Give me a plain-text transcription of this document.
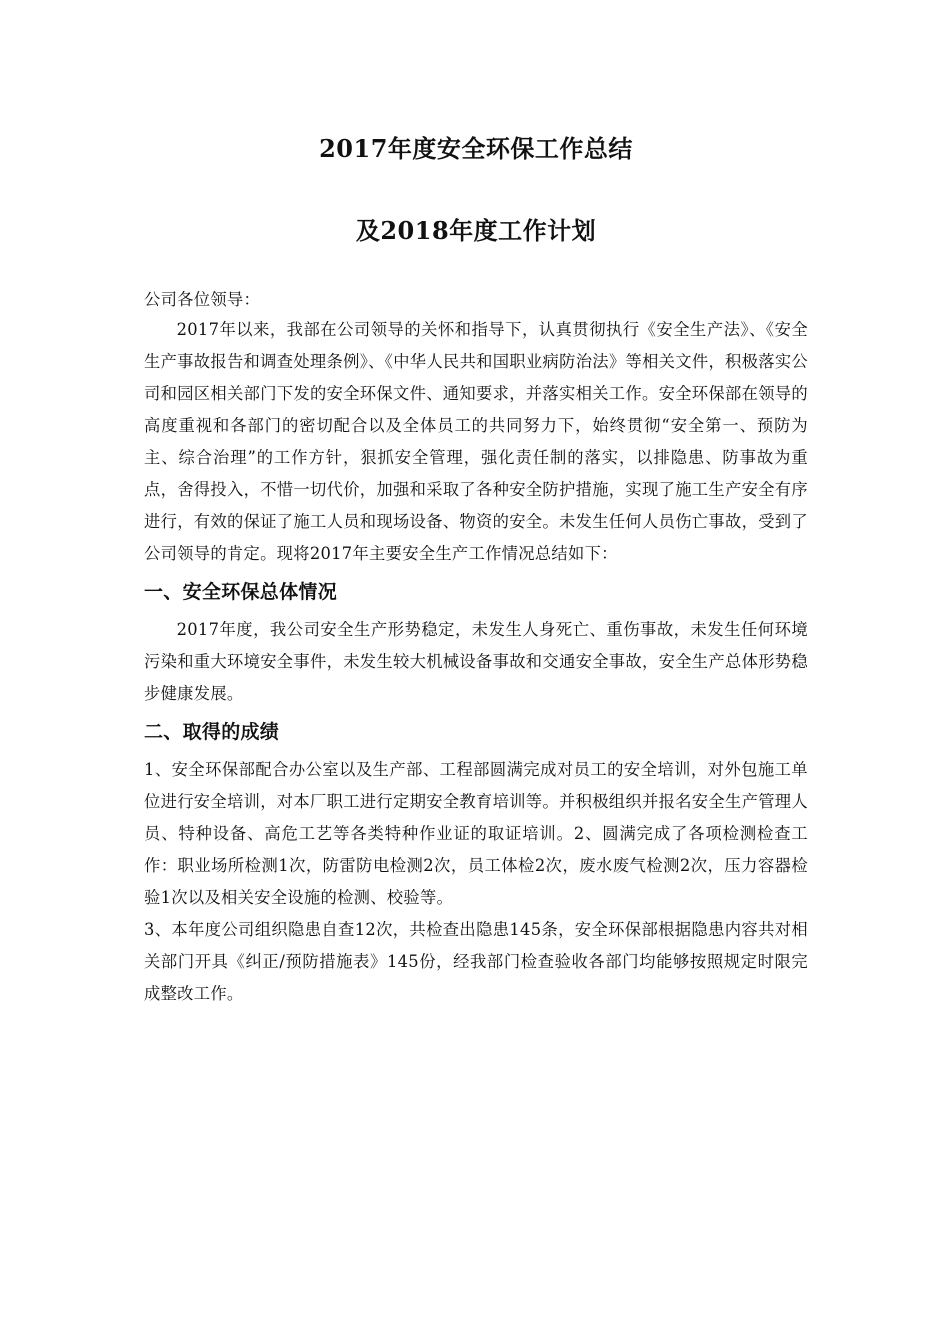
2017年度安全环保工作总结
及2018年度工作计划

公司各位领导：

2017年以来，我部在公司领导的关怀和指导下，认真贯彻执行《安全生产法》、《安全生产事故报告和调查处理条例》、《中华人民共和国职业病防治法》等相关文件，积极落实公司和园区相关部门下发的安全环保文件、通知要求，并落实相关工作。安全环保部在领导的高度重视和各部门的密切配合以及全体员工的共同努力下，始终贯彻“安全第一、预防为主、综合治理”的工作方针，狠抓安全管理，强化责任制的落实，以排隐患、防事故为重点，舍得投入，不惜一切代价，加强和采取了各种安全防护措施，实现了施工生产安全有序进行，有效的保证了施工人员和现场设备、物资的安全。未发生任何人员伤亡事故，受到了公司领导的肯定。现将2017年主要安全生产工作情况总结如下：

一、安全环保总体情况

2017年度，我公司安全生产形势稳定，未发生人身死亡、重伤事故，未发生任何环境污染和重大环境安全事件，未发生较大机械设备事故和交通安全事故，安全生产总体形势稳步健康发展。

二、取得的成绩

1、安全环保部配合办公室以及生产部、工程部圆满完成对员工的安全培训，对外包施工单位进行安全培训，对本厂职工进行定期安全教育培训等。并积极组织并报名安全生产管理人员、特种设备、高危工艺等各类特种作业证的取证培训。2、圆满完成了各项检测检查工作：职业场所检测1次，防雷防电检测2次，员工体检2次，废水废气检测2次，压力容器检验1次以及相关安全设施的检测、校验等。

3、本年度公司组织隐患自查12次，共检查出隐患145条，安全环保部根据隐患内容共对相关部门开具《纠正/预防措施表》145份，经我部门检查验收各部门均能够按照规定时限完成整改工作。
